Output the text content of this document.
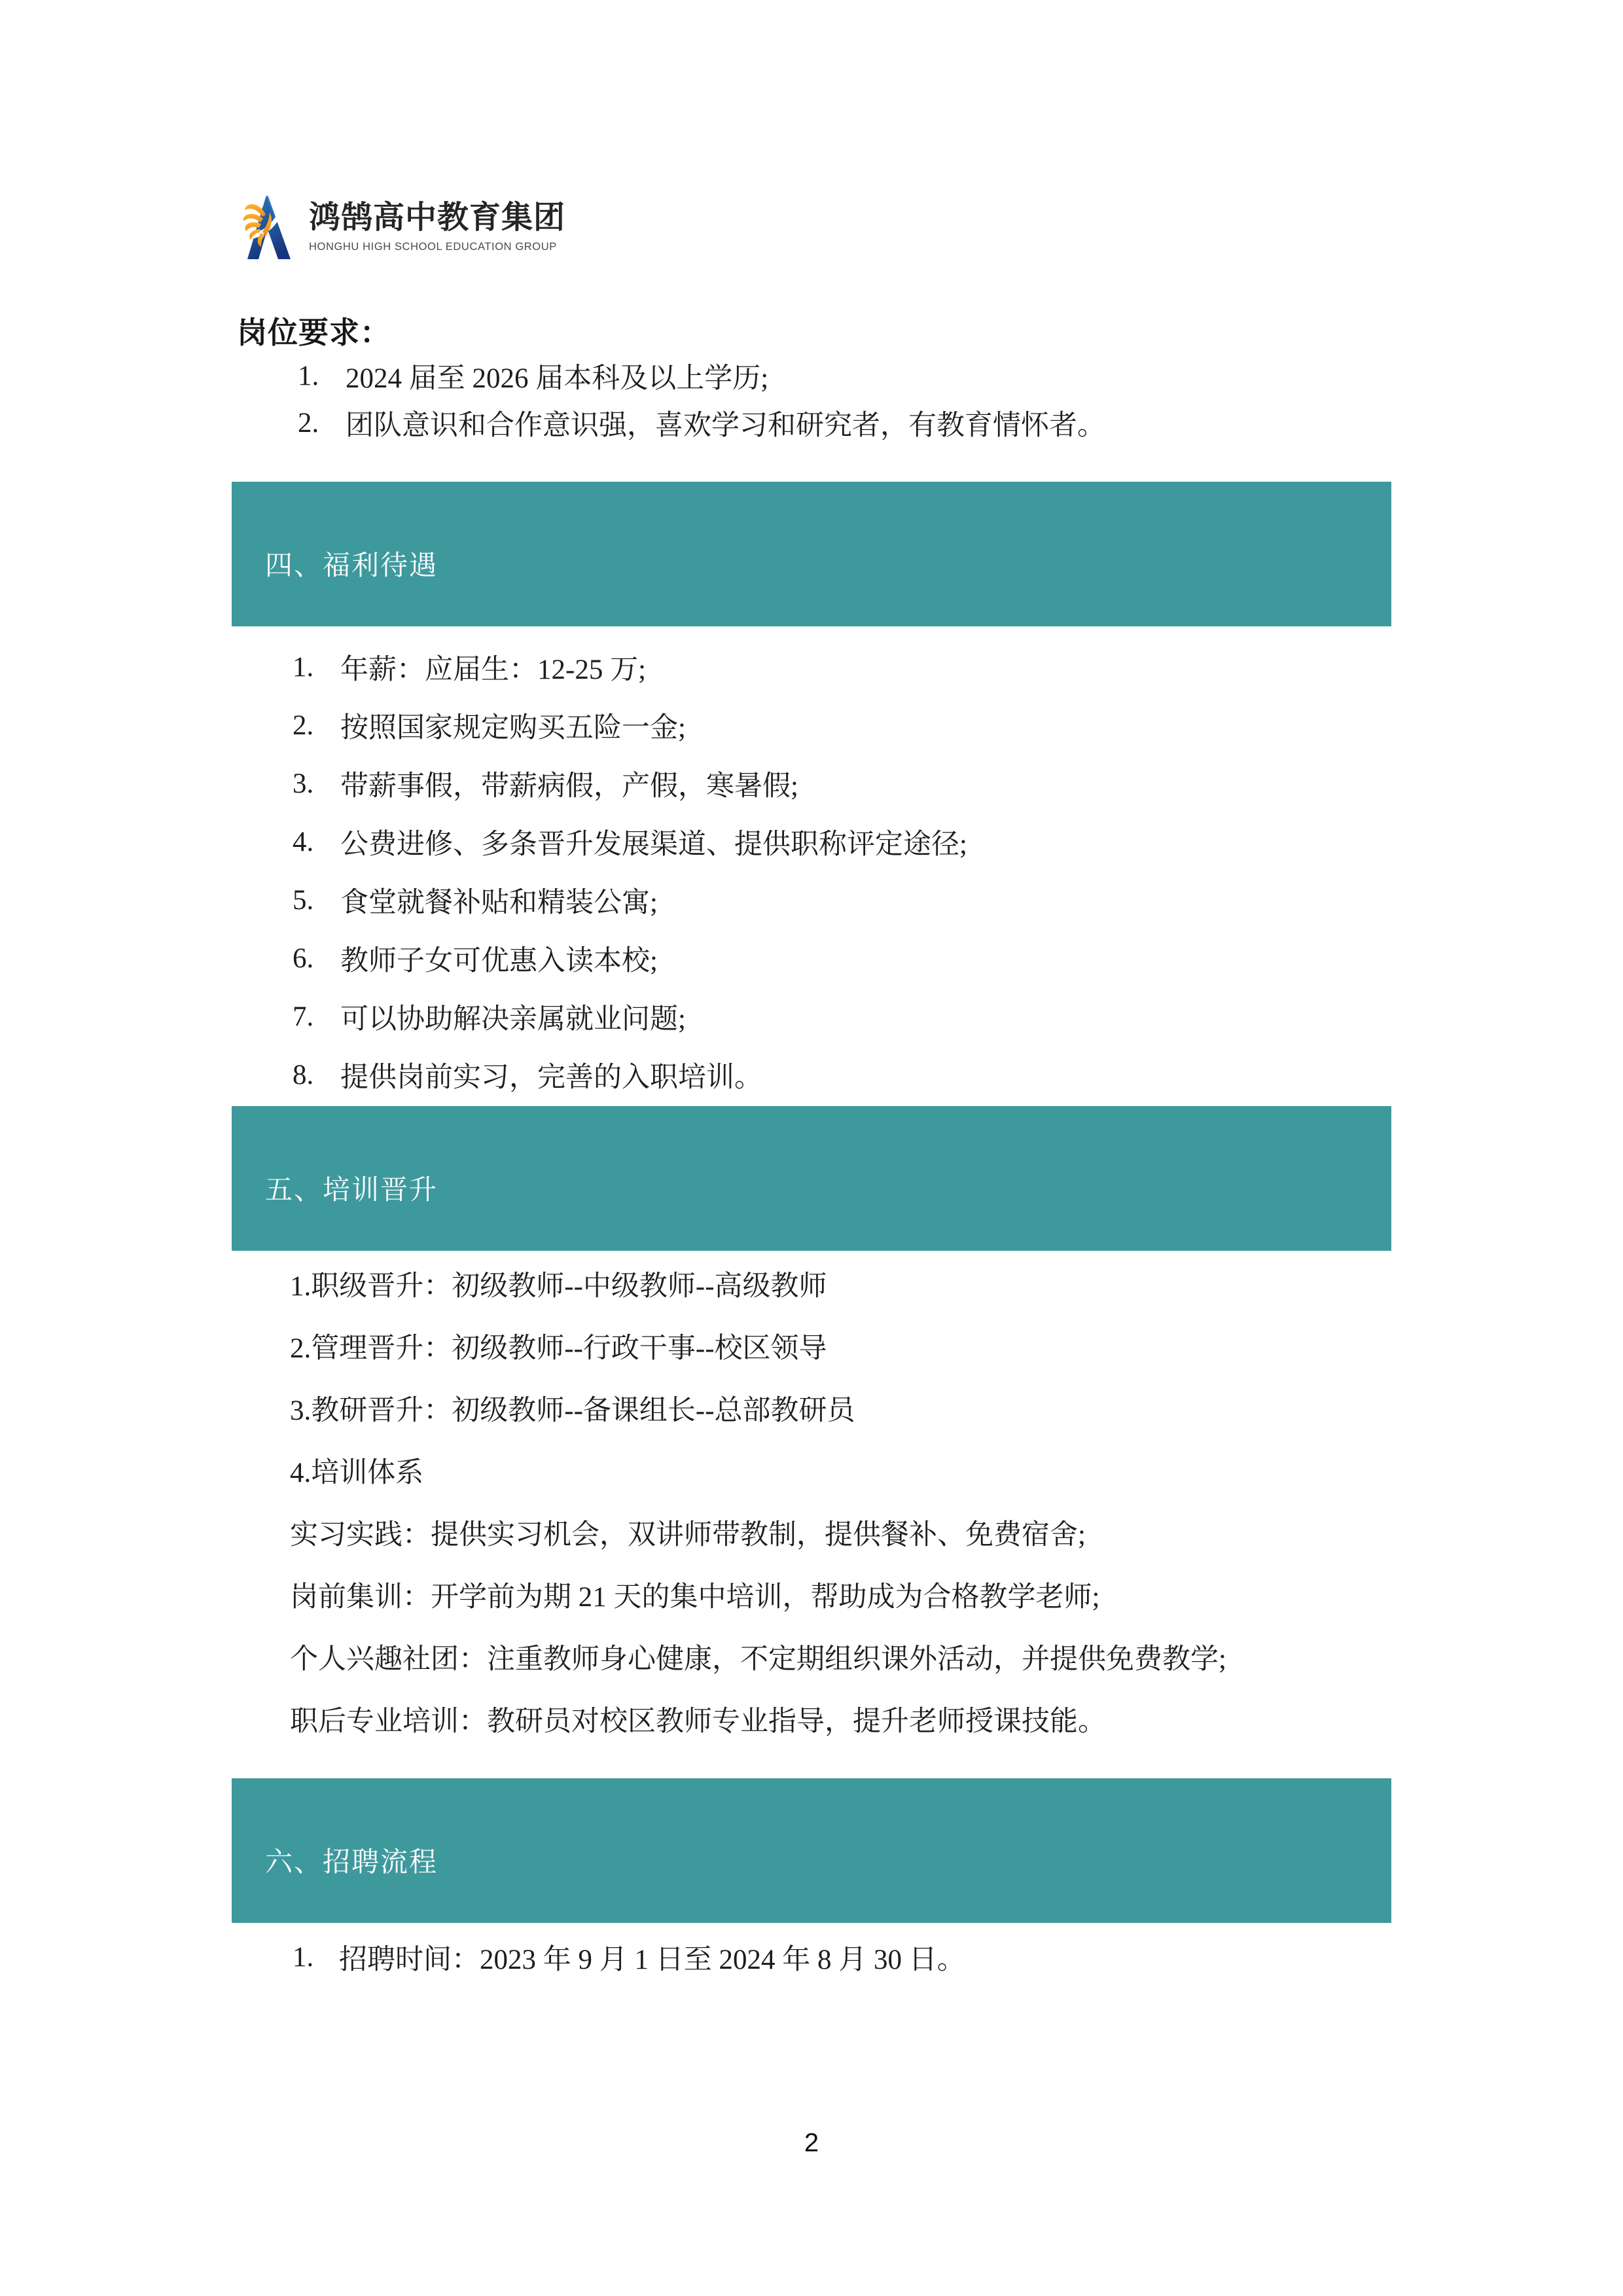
鸿鹄高中教育集团
HONGHU HIGH SCHOOL EDUCATION GROUP
岗位要求：
1. 2024 届至 2026 届本科及以上学历;
2. 团队意识和合作意识强，喜欢学习和研究者，有教育情怀者。
四、福利待遇
1. 年薪：应届生：12-25 万;
2. 按照国家规定购买五险一金;
3. 带薪事假，带薪病假，产假，寒暑假;
4. 公费进修、多条晋升发展渠道、提供职称评定途径;
5. 食堂就餐补贴和精装公寓;
6. 教师子女可优惠入读本校;
7. 可以协助解决亲属就业问题;
8. 提供岗前实习，完善的入职培训。
五、培训晋升
1.职级晋升：初级教师--中级教师--高级教师
2.管理晋升：初级教师--行政干事--校区领导
3.教研晋升：初级教师--备课组长--总部教研员
4.培训体系
实习实践：提供实习机会，双讲师带教制，提供餐补、免费宿舍;
岗前集训：开学前为期 21 天的集中培训，帮助成为合格教学老师;
个人兴趣社团：注重教师身心健康，不定期组织课外活动，并提供免费教学;
职后专业培训：教研员对校区教师专业指导，提升老师授课技能。
六、招聘流程
1. 招聘时间：2023 年 9 月 1 日至 2024 年 8 月 30 日。
2
